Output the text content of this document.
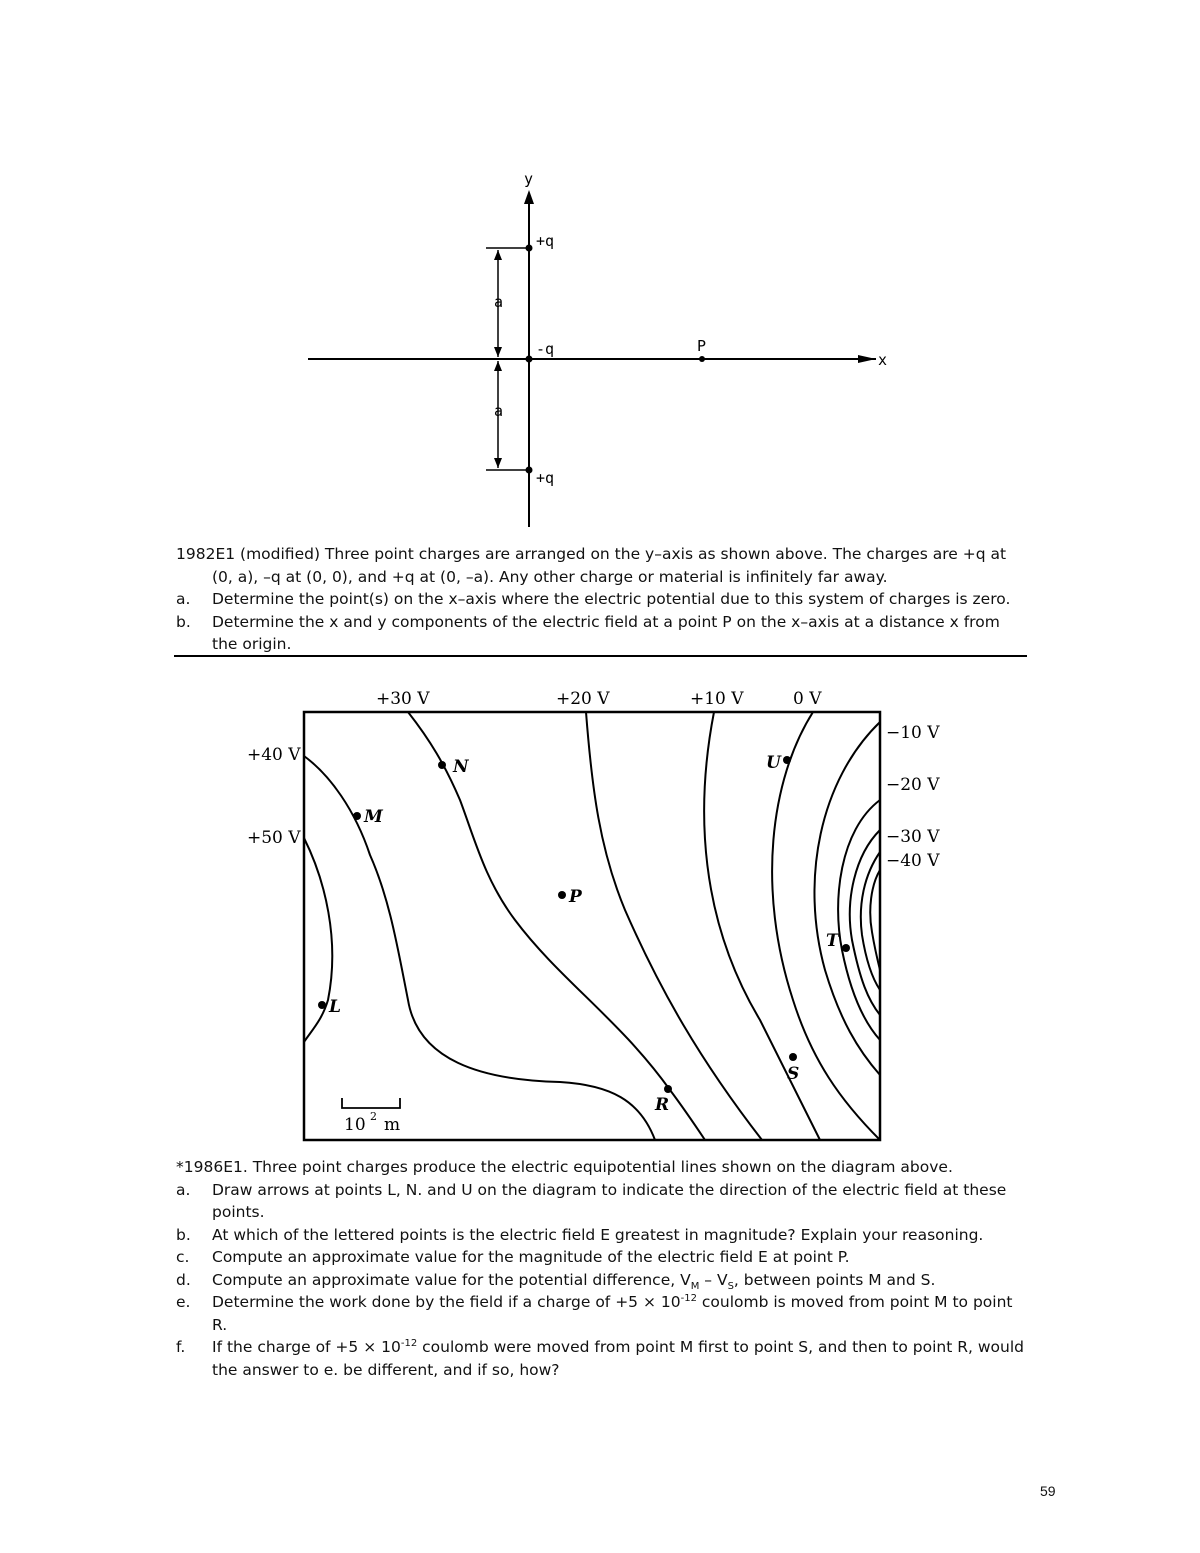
y
x
+q
-q
+q
P
a
a
1982E1 (modified) Three point charges are arranged on the y–axis as shown above. The charges are +q at
(0, a), –q at (0, 0), and +q at (0, –a). Any other charge or material is infinitely far away.
a.	Determine the point(s) on the x–axis where the electric potential due to this system of charges is zero.
b.	Determine the x and y components of the electric field at a point P on the x–axis at a distance x from the origin.
+30 V	+20 V	+10 V	0 V
+40 V
+50 V
−10 V
−20 V
−30 V
−40 V
N
M
U
P
T
L
S
R
10 2 m
*1986E1. Three point charges produce the electric equipotential lines shown on the diagram above.
a.	Draw arrows at points L, N. and U on the diagram to indicate the direction of the electric field at these points.
b.	At which of the lettered points is the electric field E greatest in magnitude? Explain your reasoning.
c.	Compute an approximate value for the magnitude of the electric field E at point P.
d.	Compute an approximate value for the potential difference, $V_M - V_S$, between points M and S.
e.	Determine the work done by the field if a charge of $+5 \times 10^{-12}$ coulomb is moved from point M to point R.
f.	If the charge of $+5 \times 10^{-12}$ coulomb were moved from point M first to point S, and then to point R, would the answer to e. be different, and if so, how?
59
